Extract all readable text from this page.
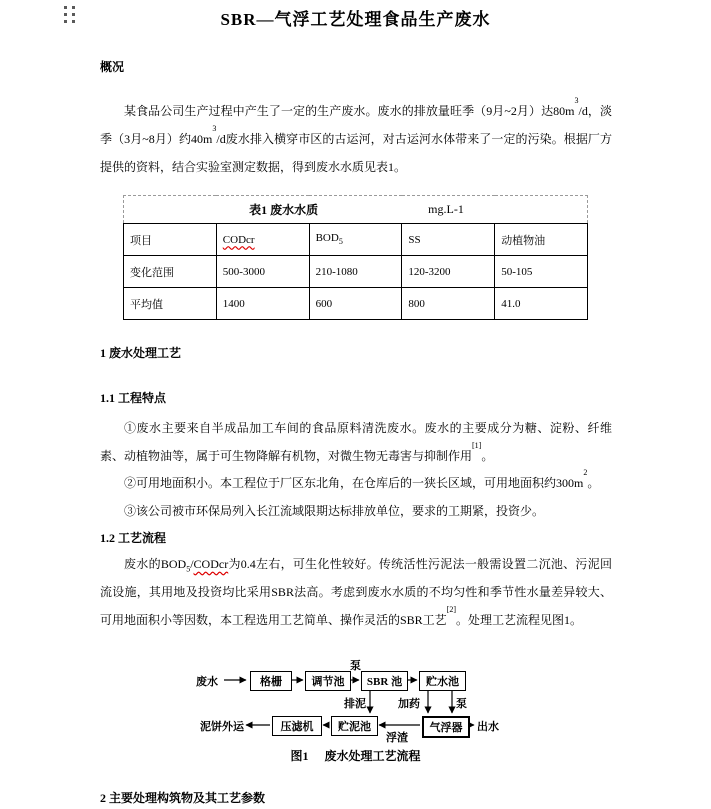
SBR—气浮工艺处理食品生产废水
概况
某食品公司生产过程中产生了一定的生产废水。废水的排放量旺季（9月~2月）达$80m^3/d$，淡季（3月~8月）约$40m^3/d$废水排入横穿市区的古运河，对古运河水体带来了一定的污染。根据厂方提供的资料，结合实验室测定数据，得到废水水质见表1。
表1 废水水质 mg.L-1				

项目	CODcr	$BOD_5$	SS	动植物油
变化范围	500-3000	210-1080	120-3200	50-105
平均值	1400	600	800	41.0
1 废水处理工艺
1.1 工程特点
①废水主要来自半成品加工车间的食品原料清洗废水。废水的主要成分为糖、淀粉、纤维素、动植物油等，属于可生物降解有机物，对微生物无毒害与抑制作用[1]。
②可用地面积小。本工程位于厂区东北角，在仓库后的一狭长区域，可用地面积约$300m^2$。
③该公司被市环保局列入长江流域限期达标排放单位，要求的工期紧，投资少。
1.2 工艺流程
废水的$BOD_5$/CODcr为0.4左右，可生化性较好。传统活性污泥法一般需设置二沉池、污泥回流设施，其用地及投资均比采用SBR法高。考虑到废水水质的不均匀性和季节性水量差异较大、可用地面积小等因数，本工程选用工艺简单、操作灵活的SBR工艺[2]。处理工艺流程见图1。
废水	格栅	调节池	SBR 池	贮水池
泵
排泥	加药	泵
泥饼外运	压滤机	贮泥池	气浮器	出水
浮渣
图1 废水处理工艺流程
2 主要处理构筑物及其工艺参数
